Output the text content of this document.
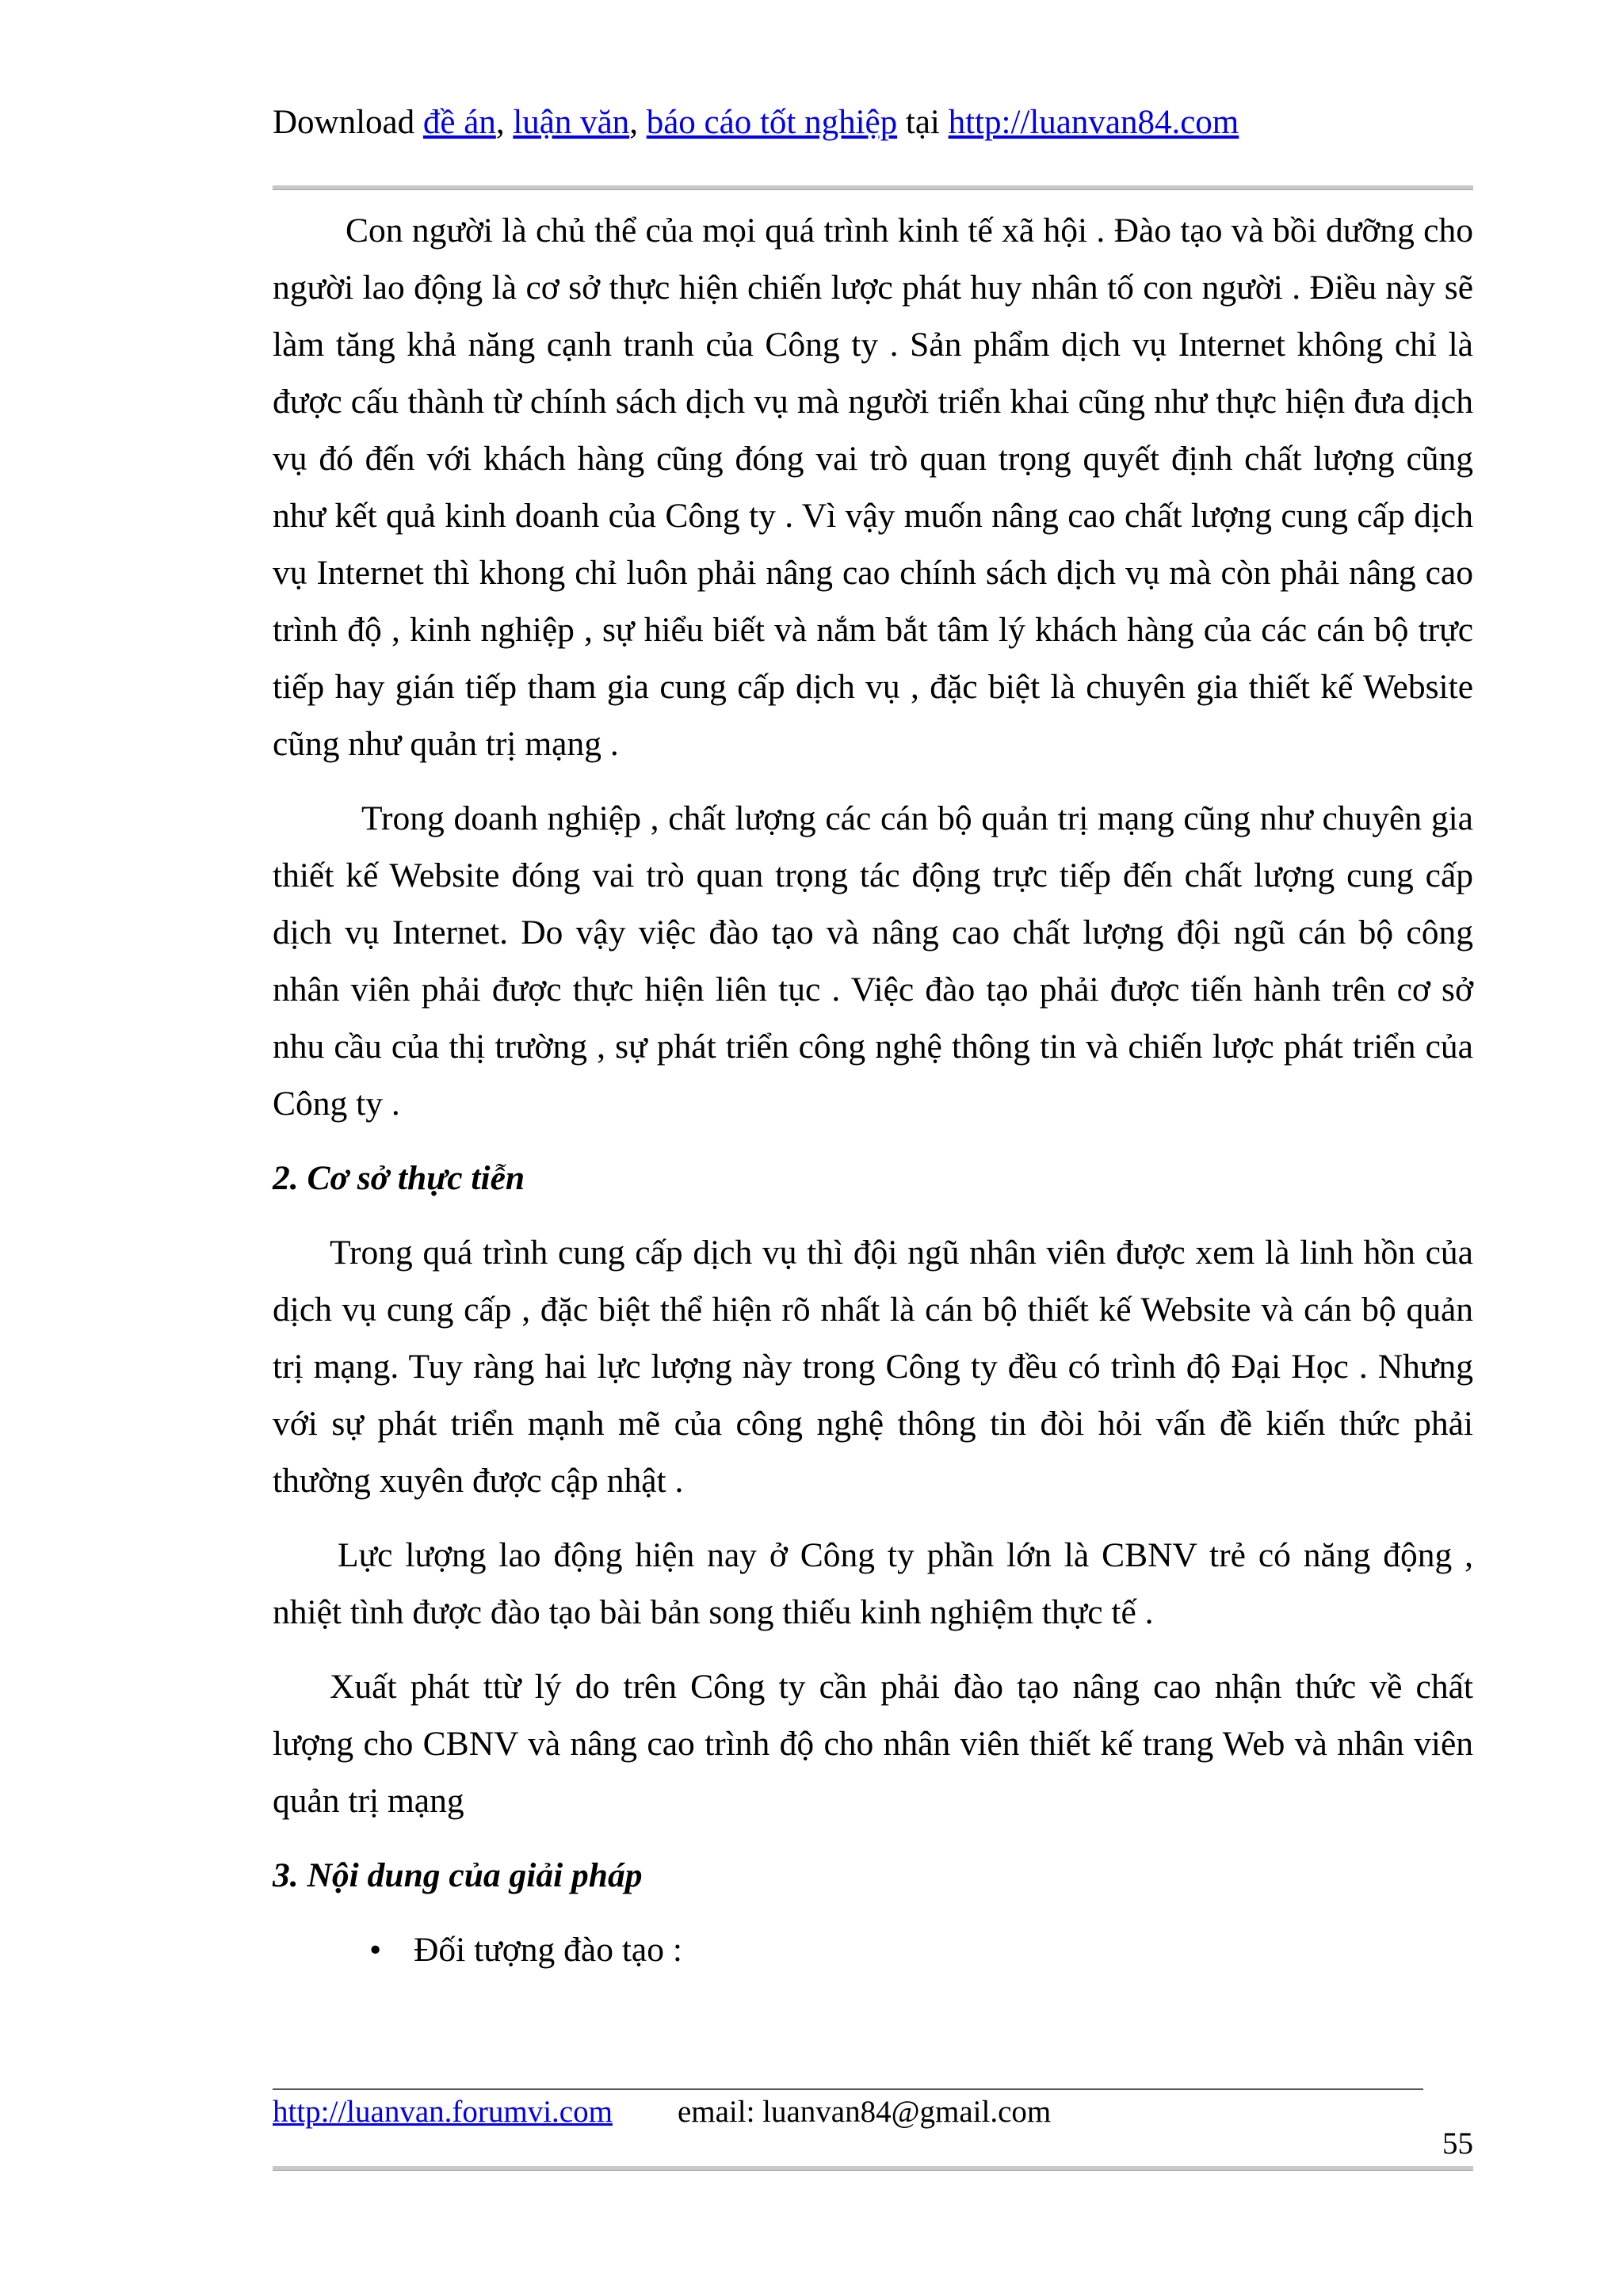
Download đề án, luận văn, báo cáo tốt nghiệp tại http://luanvan84.com

Con người là chủ thể của mọi quá trình kinh tế xã hội . Đào tạo và bồi dưỡng cho người lao động là cơ sở thực hiện chiến lược phát huy nhân tố con người . Điều này sẽ làm tăng khả năng cạnh tranh của Công ty . Sản phẩm dịch vụ Internet không chỉ là được cấu thành từ chính sách dịch vụ mà người triển khai cũng như thực hiện đưa dịch vụ đó đến với khách hàng cũng đóng vai trò quan trọng quyết định chất lượng cũng như kết quả kinh doanh của Công ty . Vì vậy muốn nâng cao chất lượng cung cấp dịch vụ Internet thì khong chỉ luôn phải nâng cao chính sách dịch vụ mà còn phải nâng cao trình độ , kinh nghiệp , sự hiểu biết và nắm bắt tâm lý khách hàng của các cán bộ trực tiếp hay gián tiếp tham gia cung cấp dịch vụ , đặc biệt là chuyên gia thiết kế Website cũng như quản trị mạng .

Trong doanh nghiệp , chất lượng các cán bộ quản trị mạng cũng như chuyên gia thiết kế Website đóng vai trò quan trọng tác động trực tiếp đến chất lượng cung cấp dịch vụ Internet. Do vậy việc đào tạo và nâng cao chất lượng đội ngũ cán bộ công nhân viên phải được thực hiện liên tục . Việc đào tạo phải được tiến hành trên cơ sở nhu cầu của thị trường , sự phát triển công nghệ thông tin và chiến lược phát triển của Công ty .

2. Cơ sở thực tiễn

Trong quá trình cung cấp dịch vụ thì đội ngũ nhân viên được xem là linh hồn của dịch vụ cung cấp , đặc biệt thể hiện rõ nhất là cán bộ thiết kế Website và cán bộ quản trị mạng. Tuy ràng hai lực lượng này trong Công ty đều có trình độ Đại Học . Nhưng với sự phát triển mạnh mẽ của công nghệ thông tin đòi hỏi vấn đề kiến thức phải thường xuyên được cập nhật .

Lực lượng lao động hiện nay ở Công ty phần lớn là CBNV trẻ có năng động , nhiệt tình được đào tạo bài bản song thiếu kinh nghiệm thực tế .

Xuất phát ttừ lý do trên Công ty cần phải đào tạo nâng cao nhận thức về chất lượng cho CBNV và nâng cao trình độ cho nhân viên thiết kế trang Web và nhân viên quản trị mạng

3. Nội dung của giải pháp
• Đối tượng đào tạo :
http://luanvan.forumvi.com email: luanvan84@gmail.com
55
